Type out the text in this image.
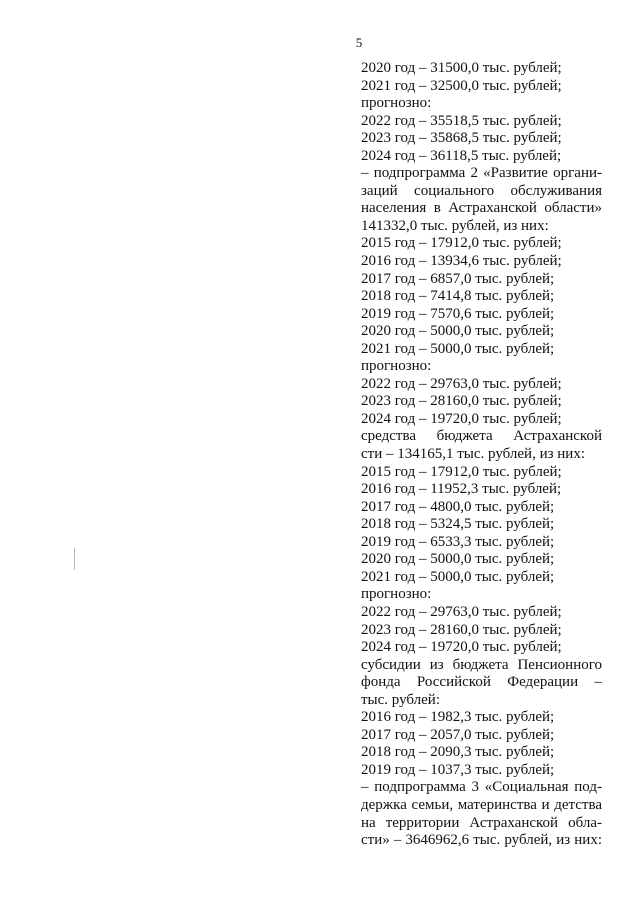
5
2020 год – 31500,0 тыс. рублей;
2021 год – 32500,0 тыс. рублей;
прогнозно:
2022 год – 35518,5 тыс. рублей;
2023 год – 35868,5 тыс. рублей;
2024 год – 36118,5 тыс. рублей;
– подпрограмма 2 «Развитие органи-
заций социального обслуживания
населения в Астраханской области»
141332,0 тыс. рублей, из них:
2015 год – 17912,0 тыс. рублей;
2016 год – 13934,6 тыс. рублей;
2017 год – 6857,0 тыс. рублей;
2018 год – 7414,8 тыс. рублей;
2019 год – 7570,6 тыс. рублей;
2020 год – 5000,0 тыс. рублей;
2021 год – 5000,0 тыс. рублей;
прогнозно:
2022 год – 29763,0 тыс. рублей;
2023 год – 28160,0 тыс. рублей;
2024 год – 19720,0 тыс. рублей;
средства бюджета Астраханской
сти – 134165,1 тыс. рублей, из них:
2015 год – 17912,0 тыс. рублей;
2016 год – 11952,3 тыс. рублей;
2017 год – 4800,0 тыс. рублей;
2018 год – 5324,5 тыс. рублей;
2019 год – 6533,3 тыс. рублей;
2020 год – 5000,0 тыс. рублей;
2021 год – 5000,0 тыс. рублей;
прогнозно:
2022 год – 29763,0 тыс. рублей;
2023 год – 28160,0 тыс. рублей;
2024 год – 19720,0 тыс. рублей;
субсидии из бюджета Пенсионного
фонда Российской Федерации –
тыс. рублей:
2016 год – 1982,3 тыс. рублей;
2017 год – 2057,0 тыс. рублей;
2018 год – 2090,3 тыс. рублей;
2019 год – 1037,3 тыс. рублей;
– подпрограмма 3 «Социальная под-
держка семьи, материнства и детства
на территории Астраханской обла-
сти» – 3646962,6 тыс. рублей, из них:
